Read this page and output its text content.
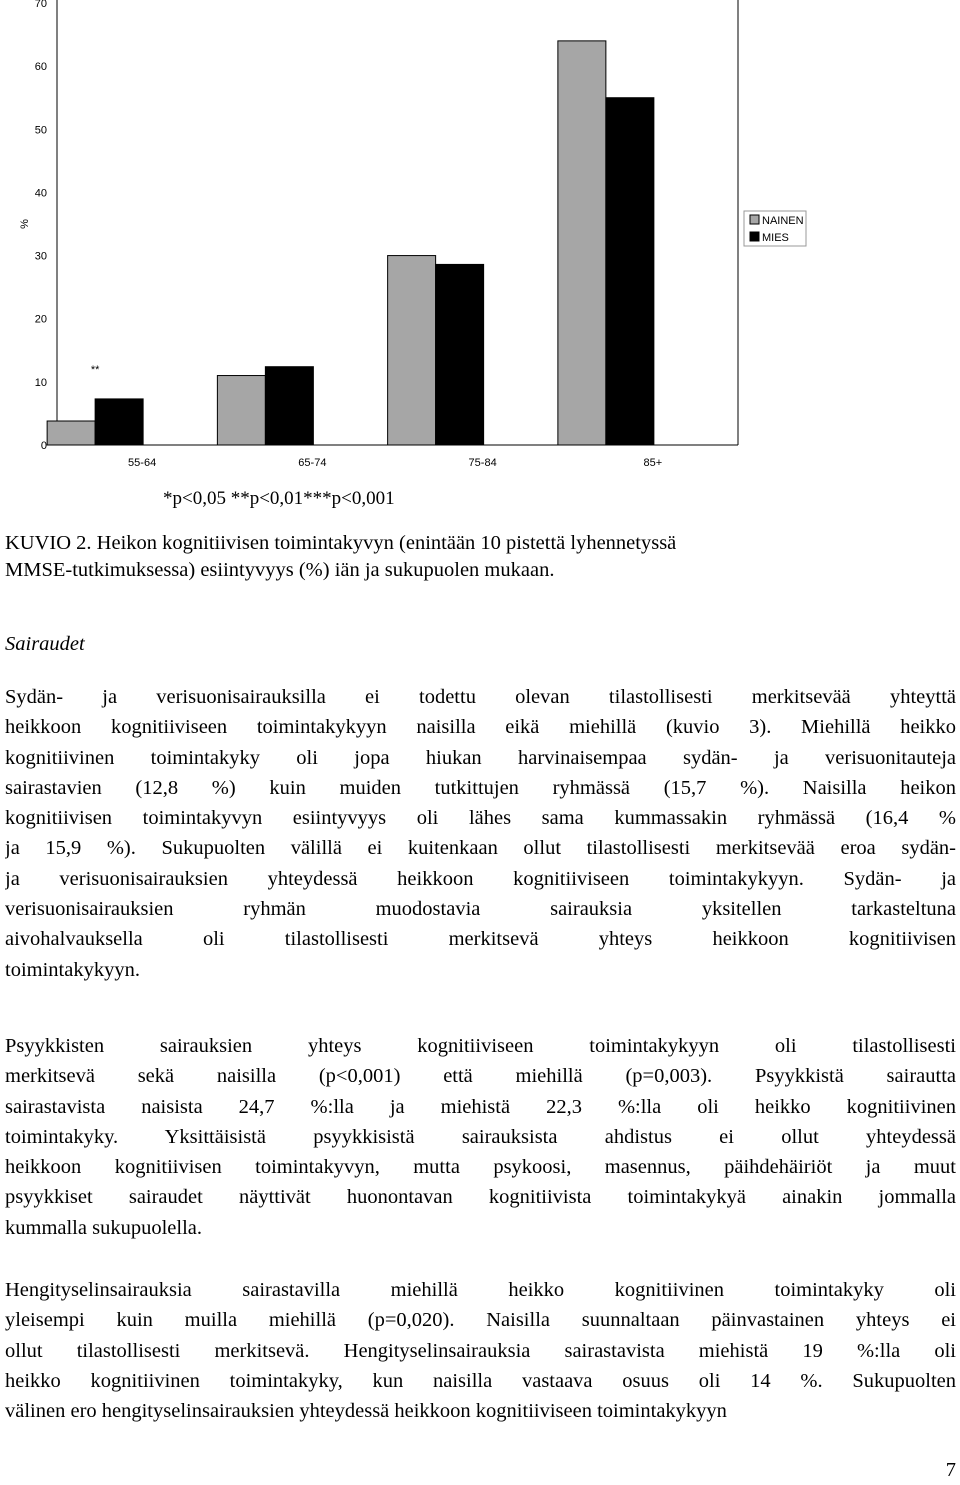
%
0
10
20
30
40
50
60
70
55-64	65-74	75-84	85+
**
NAINEN
MIES
*p<0,05 **p<0,01***p<0,001
KUVIO 2. Heikon kognitiivisen toimintakyvyn (enintään 10 pistettä lyhennetyssä
MMSE-tutkimuksessa) esiintyvyys (%) iän ja sukupuolen mukaan.
Sairaudet
Sydän- ja verisuonisairauksilla ei todettu olevan tilastollisesti merkitsevää yhteyttä
heikkoon kognitiiviseen toimintakykyyn naisilla eikä miehillä (kuvio 3). Miehillä heikko
kognitiivinen toimintakyky oli jopa hiukan harvinaisempaa sydän- ja verisuonitauteja
sairastavien (12,8 %) kuin muiden tutkittujen ryhmässä (15,7 %). Naisilla heikon
kognitiivisen toimintakyvyn esiintyvyys oli lähes sama kummassakin ryhmässä (16,4 %
ja 15,9 %). Sukupuolten välillä ei kuitenkaan ollut tilastollisesti merkitsevää eroa sydän-
ja verisuonisairauksien yhteydessä heikkoon kognitiiviseen toimintakykyyn. Sydän- ja
verisuonisairauksien ryhmän muodostavia sairauksia yksitellen tarkasteltuna
aivohalvauksella oli tilastollisesti merkitsevä yhteys heikkoon kognitiivisen
toimintakykyyn.
Psyykkisten sairauksien yhteys kognitiiviseen toimintakykyyn oli tilastollisesti
merkitsevä sekä naisilla (p<0,001) että miehillä (p=0,003). Psyykkistä sairautta
sairastavista naisista 24,7 %:lla ja miehistä 22,3 %:lla oli heikko kognitiivinen
toimintakyky. Yksittäisistä psyykkisistä sairauksista ahdistus ei ollut yhteydessä
heikkoon kognitiivisen toimintakyvyn, mutta psykoosi, masennus, päihdehäiriöt ja muut
psyykkiset sairaudet näyttivät huonontavan kognitiivista toimintakykyä ainakin jommalla
kummalla sukupuolella.
Hengityselinsairauksia sairastavilla miehillä heikko kognitiivinen toimintakyky oli
yleisempi kuin muilla miehillä (p=0,020). Naisilla suunnaltaan päinvastainen yhteys ei
ollut tilastollisesti merkitsevä. Hengityselinsairauksia sairastavista miehistä 19 %:lla oli
heikko kognitiivinen toimintakyky, kun naisilla vastaava osuus oli 14 %. Sukupuolten
välinen ero hengityselinsairauksien yhteydessä heikkoon kognitiiviseen toimintakykyyn
7
